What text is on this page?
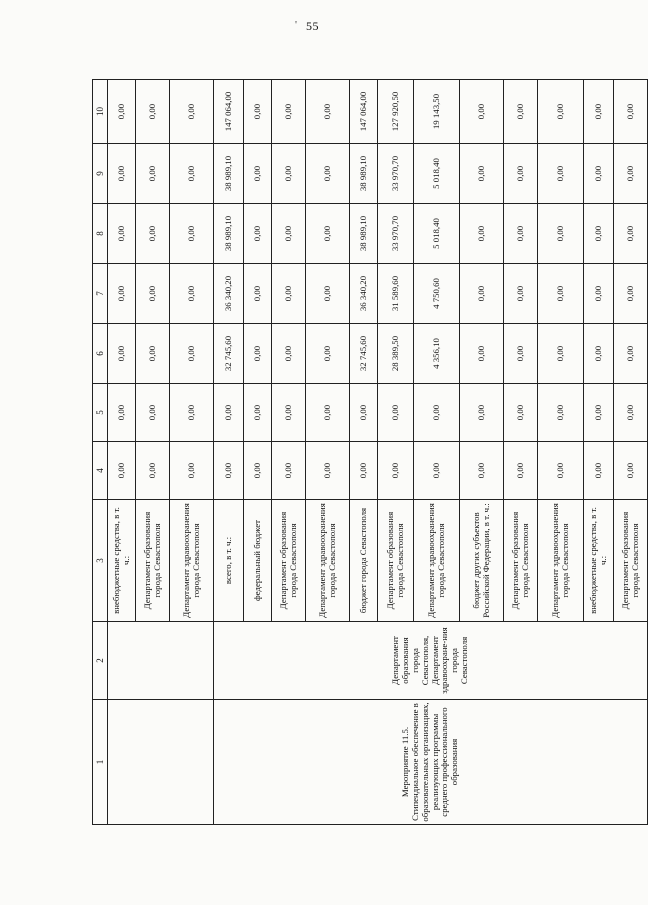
' 55
1	2	3	4	5	6	7	8	9	10
		внебюджетные средства, в т. ч.:	0,00	0,00	0,00	0,00	0,00	0,00	0,00
		Департамент образования города Севастополя	0,00	0,00	0,00	0,00	0,00	0,00	0,00
		Департамент здравоохранения города Севастополя	0,00	0,00	0,00	0,00	0,00	0,00	0,00
Мероприятие 11.5. Стипендиальное обеспечение в образовательных организациях, реализующих программы среднего профессионального образования	Департамент образования города Севастополя, Департамент здравоохране-ния города Севастополя	всего, в т. ч.:	0,00	0,00	32 745,60	36 340,20	38 989,10	38 989,10	147 064,00
		федеральный бюджет	0,00	0,00	0,00	0,00	0,00	0,00	0,00
		Департамент образования города Севастополя	0,00	0,00	0,00	0,00	0,00	0,00	0,00
		Департамент здравоохранения города Севастополя	0,00	0,00	0,00	0,00	0,00	0,00	0,00
		бюджет города Севастополя	0,00	0,00	32 745,60	36 340,20	38 989,10	38 989,10	147 064,00
		Департамент образования города Севастополя	0,00	0,00	28 389,50	31 589,60	33 970,70	33 970,70	127 920,50
		Департамент здравоохранения города Севастополя	0,00	0,00	4 356,10	4 750,60	5 018,40	5 018,40	19 143,50
		бюджет других субъектов Российской Федерации, в т. ч.:	0,00	0,00	0,00	0,00	0,00	0,00	0,00
		Департамент образования города Севастополя	0,00	0,00	0,00	0,00	0,00	0,00	0,00
		Департамент здравоохранения города Севастополя	0,00	0,00	0,00	0,00	0,00	0,00	0,00
		внебюджетные средства, в т. ч.:	0,00	0,00	0,00	0,00	0,00	0,00	0,00
		Департамент образования города Севастополя	0,00	0,00	0,00	0,00	0,00	0,00	0,00
